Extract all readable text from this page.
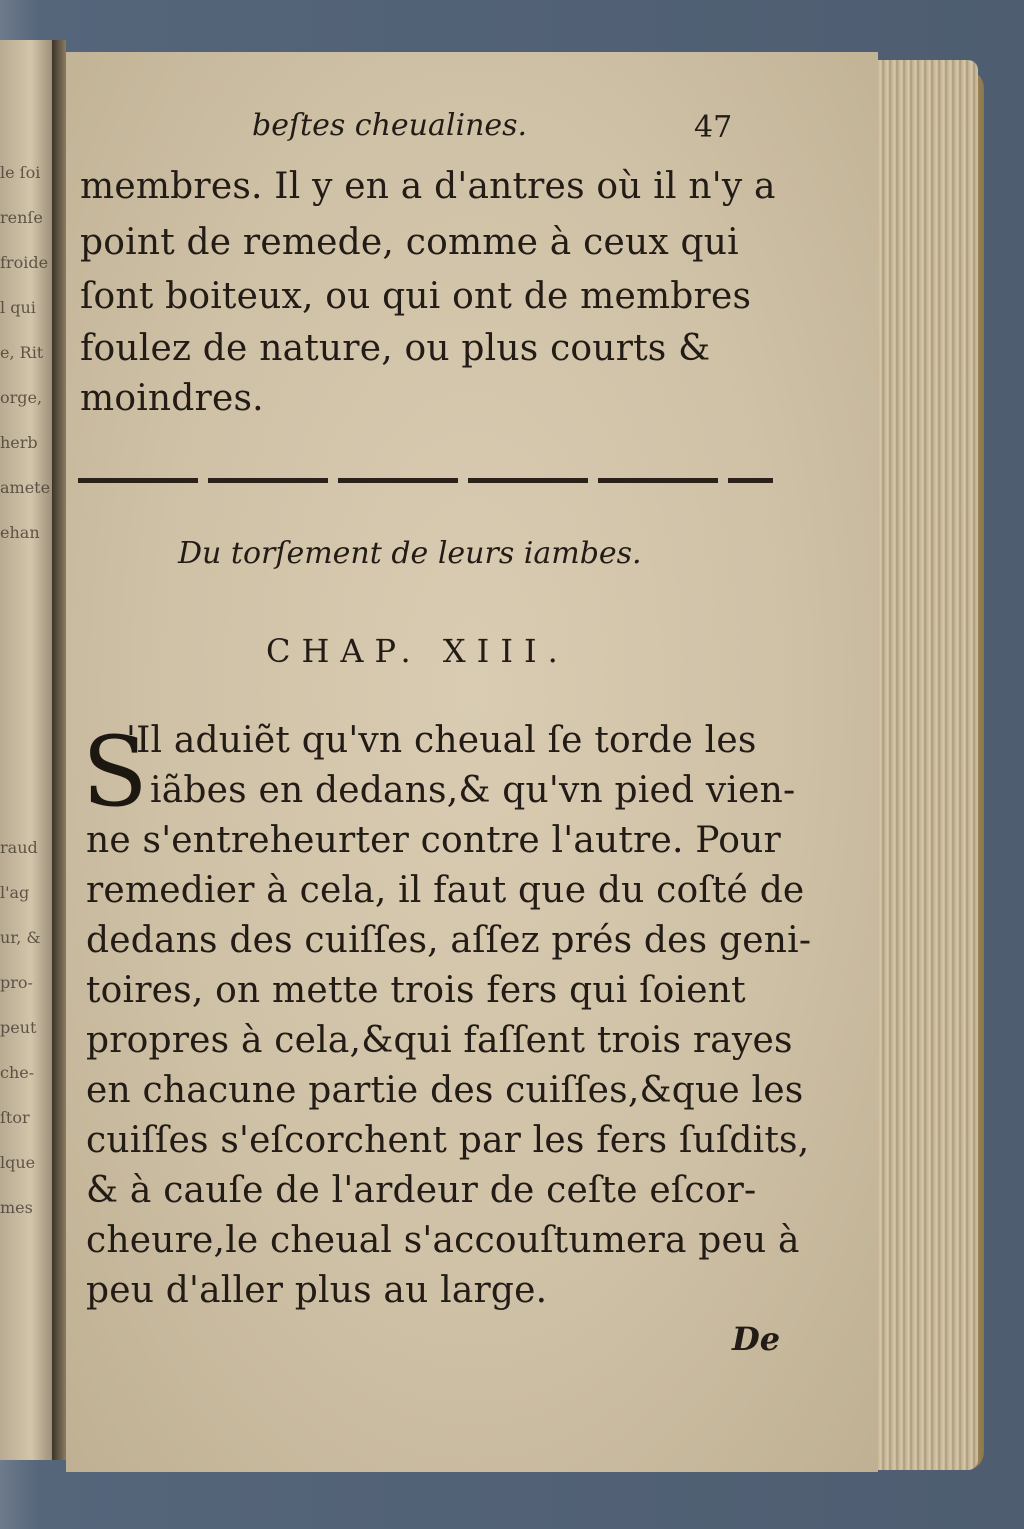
le ſoi
renſe
froide
l qui
e, Rit
orge,
herb
amete
ehan

raud
l'ag
ur, &
pro-
peut
che-
ſtor
lque
mes
beſtes cheualines.	47
membres. Il y en a d'antres où il n'y a
point de remede, comme à ceux qui
ſont boiteux, ou qui ont de membres
foulez de nature, ou plus courts &
moindres.
Du torſement de leurs iambes.
CHAP. XIII.
S
'Il aduiẽt qu'vn cheual ſe torde les
iãbes en dedans,& qu'vn pied vien-
ne s'entreheurter contre l'autre. Pour
remedier à cela, il faut que du coſté de
dedans des cuiſſes, aſſez prés des geni-
toires, on mette trois fers qui ſoient
propres à cela,&qui faſſent trois rayes
en chacune partie des cuiſſes,&que les
cuiſſes s'eſcorchent par les fers ſuſdits,
& à cauſe de l'ardeur de ceſte eſcor-
cheure,le cheual s'accouſtumera peu à
peu d'aller plus au large.
De
